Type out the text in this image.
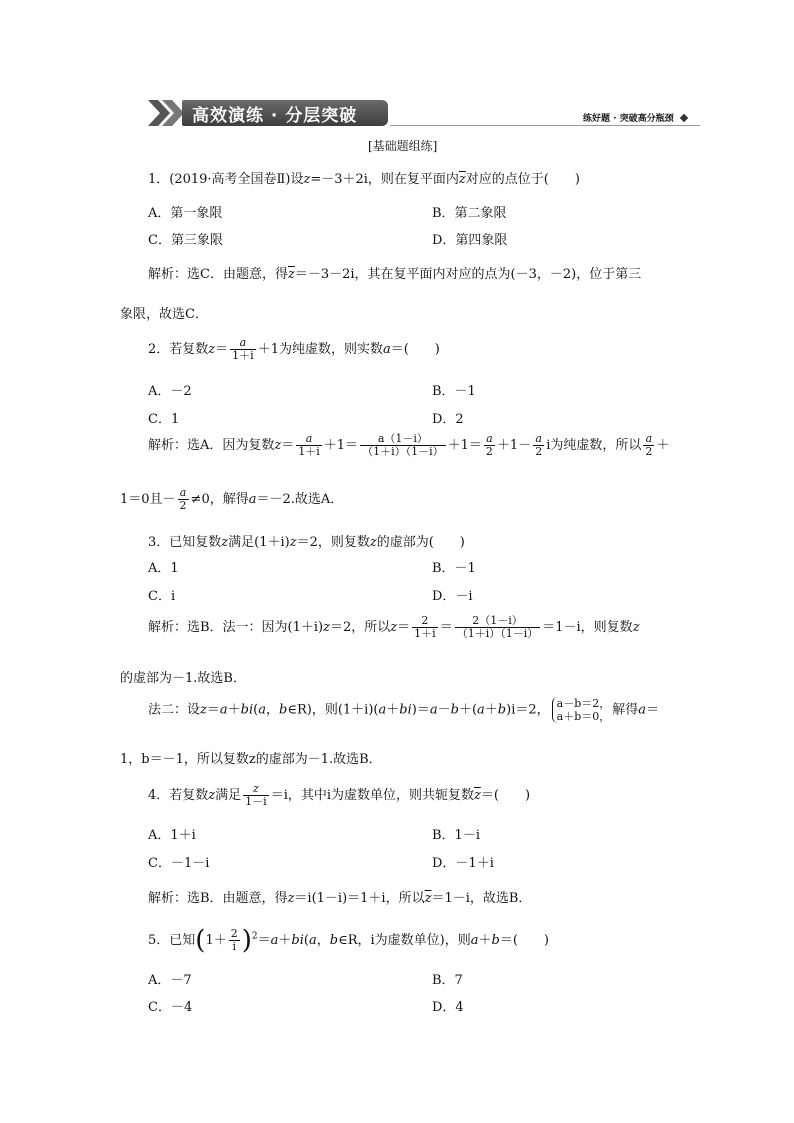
高效演练 · 分层突破	练好题 · 突破高分瓶颈
[基础题组练]
1．(2019·高考全国卷Ⅱ)设z=－3＋2i，则在复平面内$\overline{z}$对应的点位于(　　)
A．第一象限	B．第二象限
C．第三象限	D．第四象限
解析：选C．由题意，得$\overline{z}=-3-2i$，其在复平面内对应的点为(－3，－2)，位于第三
象限，故选C．
2．若复数$z= \frac{a}{1+i} +1$为纯虚数，则实数a＝(　　)
A．－2	B．－1
C．1	D．2
解析：选A．因为复数$z= \frac{a}{1+i} +1= \frac{a(1-i)}{(1+i)(1-i)} +1= \frac{a}{2} +1- \frac{a}{2}$ i为纯虚数，所以 $\frac{a}{2}$ ＋
1＝0且－ $\frac{a}{2} \ne 0$，解得a＝－2.故选A．
3．已知复数z满足(1＋i)z＝2，则复数z的虚部为(　　)
A．1	B．－1
C．i	D．－i
解析：选B．法一：因为(1＋i)z＝2，所以$z= \frac{2}{1+i} = \frac{2(1-i)}{(1+i)(1-i)} =1-i$，则复数z
的虚部为－1.故选B．
法二：设z＝a＋bi(a，b∈R)，则(1＋i)(a＋bi)＝a－b＋(a＋b)i＝2， a－b＝2，
a＋b＝0， 解得a＝
1，b＝－1，所以复数z的虚部为－1.故选B．
4．若复数z满足 $\frac{z}{1-i} =i$，其中i为虚数单位，则共轭复数$\overline{z}=$(　　)
A．1＋i	B．1－i
C．－1－i	D．－1＋i
解析：选B．由题意，得z＝i(1－i)＝1＋i，所以$\overline{z}=1-i$，故选B．
5．已知$(1+ \frac{2}{i} )^2=a+bi(a$，b∈R，i为虚数单位)，则a＋b＝(　　)
A．－7	B．7
C．－4	D．4
